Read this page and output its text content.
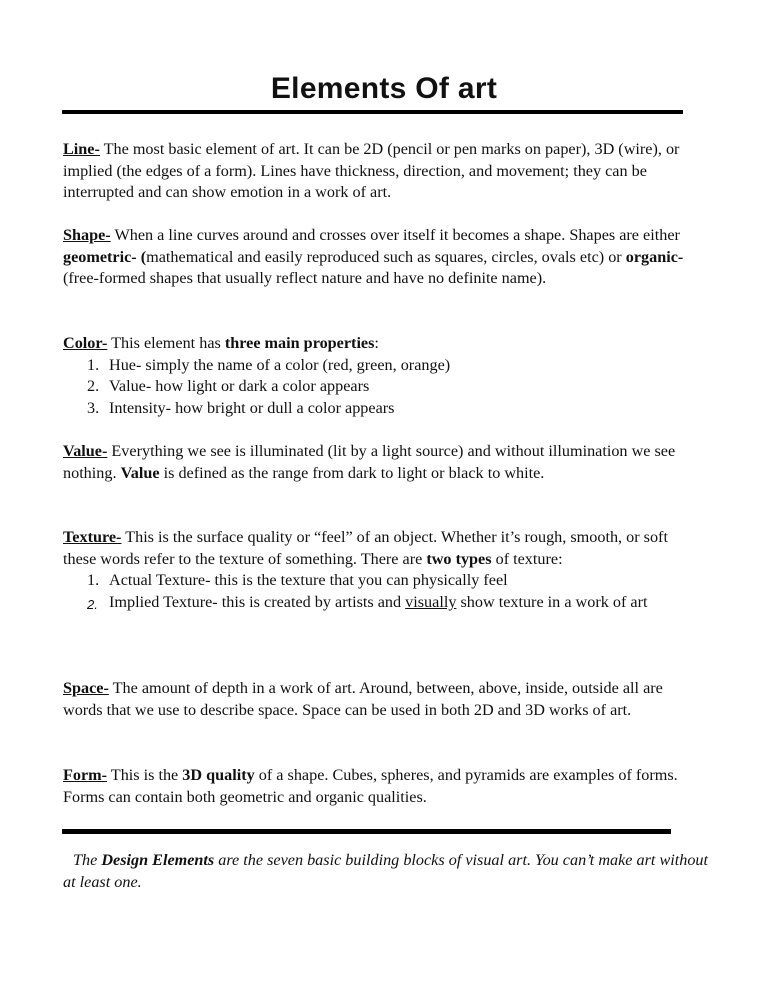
Elements Of art

Line- The most basic element of art. It can be 2D (pencil or pen marks on paper), 3D (wire), or implied (the edges of a form). Lines have thickness, direction, and movement; they can be interrupted and can show emotion in a work of art.

Shape- When a line curves around and crosses over itself it becomes a shape. Shapes are either geometric- (mathematical and easily reproduced such as squares, circles, ovals etc) or organic- (free-formed shapes that usually reflect nature and have no definite name).

Color- This element has three main properties:
1. Hue- simply the name of a color (red, green, orange)
2. Value- how light or dark a color appears
3. Intensity- how bright or dull a color appears

Value- Everything we see is illuminated (lit by a light source) and without illumination we see nothing. Value is defined as the range from dark to light or black to white.

Texture- This is the surface quality or “feel” of an object. Whether it’s rough, smooth, or soft these words refer to the texture of something. There are two types of texture:
1. Actual Texture- this is the texture that you can physically feel
2. Implied Texture- this is created by artists and visually show texture in a work of art

Space- The amount of depth in a work of art. Around, between, above, inside, outside all are words that we use to describe space. Space can be used in both 2D and 3D works of art.

Form- This is the 3D quality of a shape. Cubes, spheres, and pyramids are examples of forms. Forms can contain both geometric and organic qualities.

The Design Elements are the seven basic building blocks of visual art. You can’t make art without at least one.
